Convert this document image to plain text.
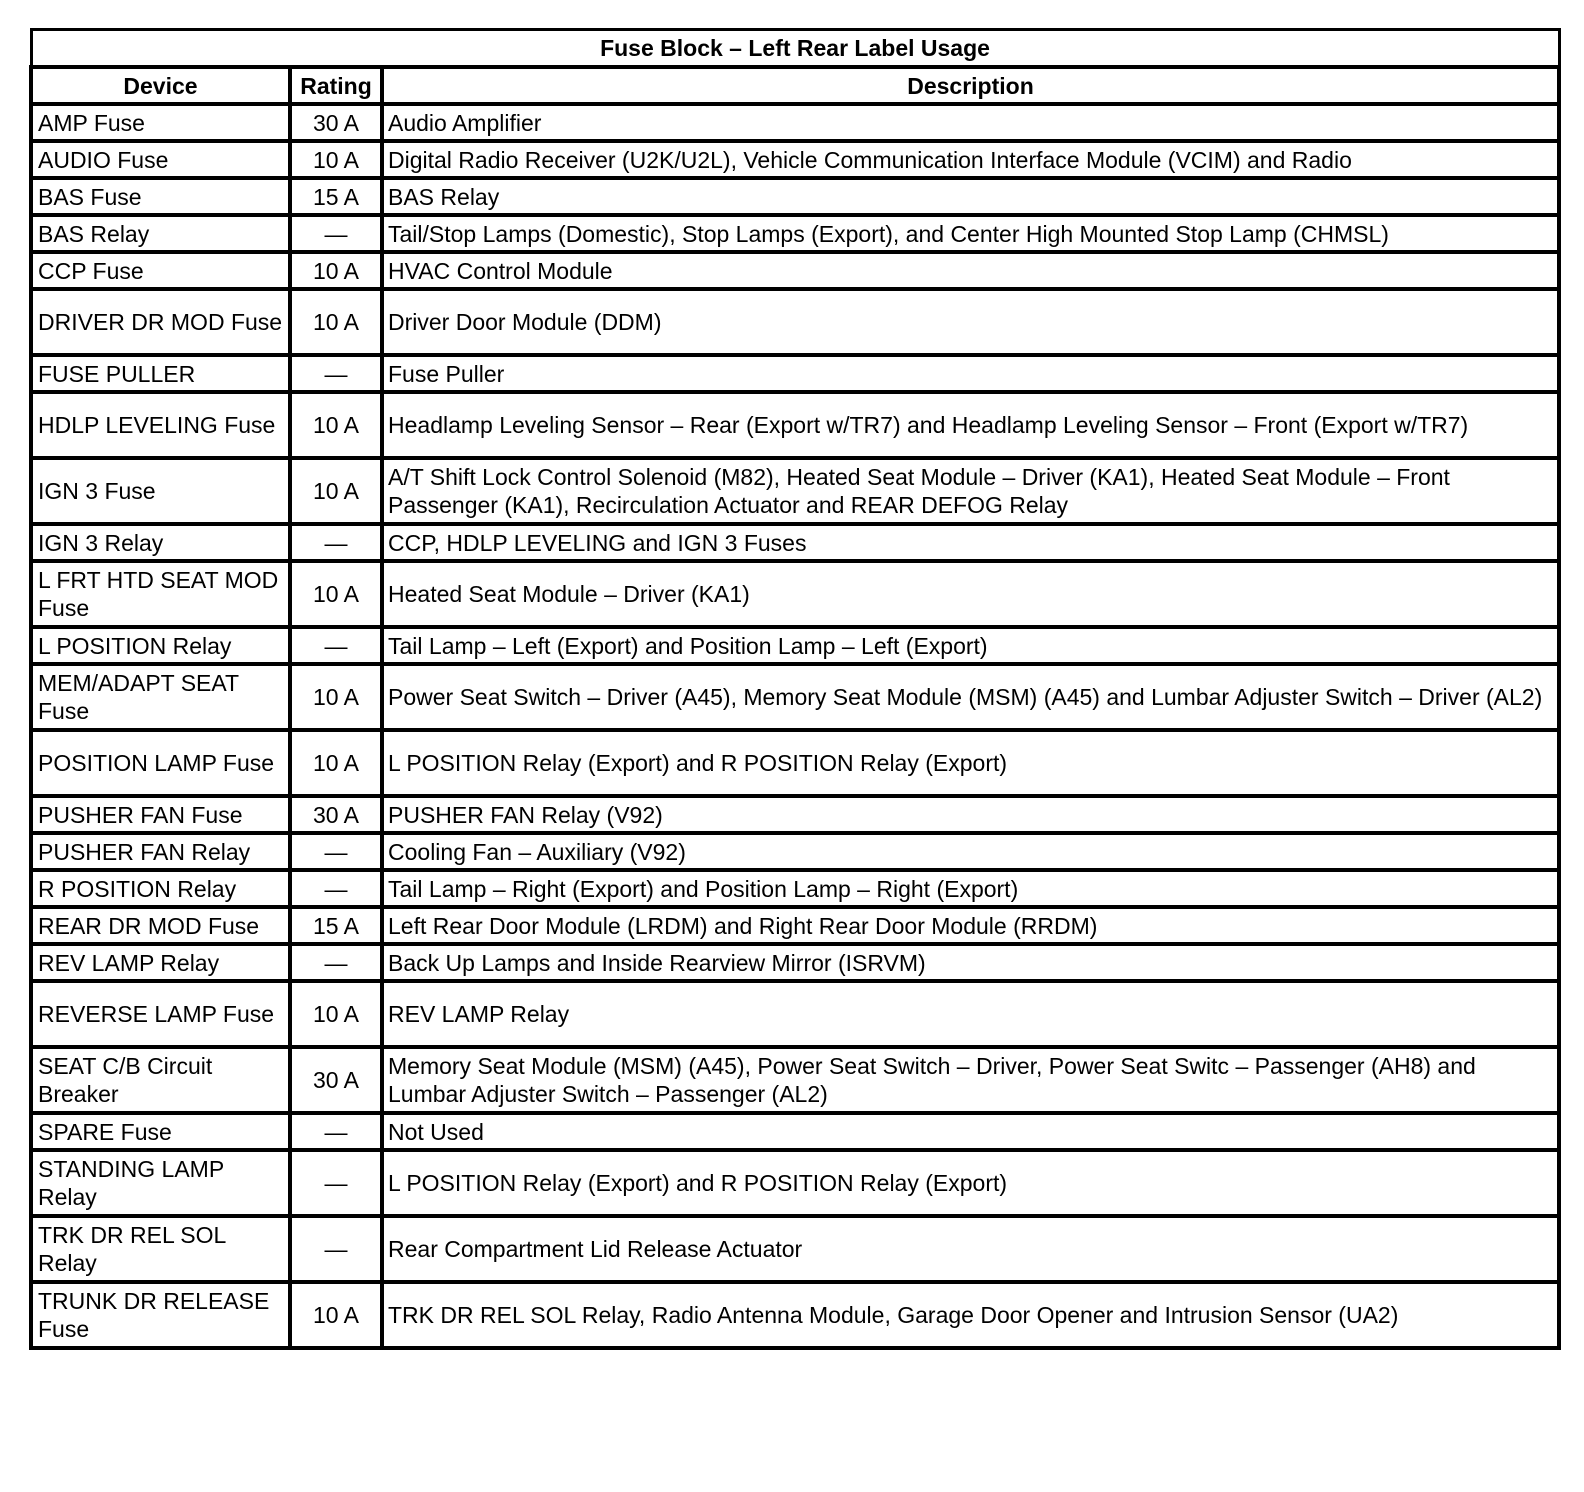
Fuse Block – Left Rear Label Usage		
Device	Rating	Description
AMP Fuse	30 A	Audio Amplifier
AUDIO Fuse	10 A	Digital Radio Receiver (U2K/U2L), Vehicle Communication Interface Module (VCIM) and Radio
BAS Fuse	15 A	BAS Relay
BAS Relay	—	Tail/Stop Lamps (Domestic), Stop Lamps (Export), and Center High Mounted Stop Lamp (CHMSL)
CCP Fuse	10 A	HVAC Control Module
DRIVER DR MOD Fuse	10 A	Driver Door Module (DDM)
FUSE PULLER	—	Fuse Puller
HDLP LEVELING Fuse	10 A	Headlamp Leveling Sensor – Rear (Export w/TR7) and Headlamp Leveling Sensor – Front (Export w/TR7)
IGN 3 Fuse	10 A	A/T Shift Lock Control Solenoid (M82), Heated Seat Module – Driver (KA1), Heated Seat Module – Front Passenger (KA1), Recirculation Actuator and REAR DEFOG Relay
IGN 3 Relay	—	CCP, HDLP LEVELING and IGN 3 Fuses
L FRT HTD SEAT MOD Fuse	10 A	Heated Seat Module – Driver (KA1)
L POSITION Relay	—	Tail Lamp – Left (Export) and Position Lamp – Left (Export)
MEM/ADAPT SEAT Fuse	10 A	Power Seat Switch – Driver (A45), Memory Seat Module (MSM) (A45) and Lumbar Adjuster Switch – Driver (AL2)
POSITION LAMP Fuse	10 A	L POSITION Relay (Export) and R POSITION Relay (Export)
PUSHER FAN Fuse	30 A	PUSHER FAN Relay (V92)
PUSHER FAN Relay	—	Cooling Fan – Auxiliary (V92)
R POSITION Relay	—	Tail Lamp – Right (Export) and Position Lamp – Right (Export)
REAR DR MOD Fuse	15 A	Left Rear Door Module (LRDM) and Right Rear Door Module (RRDM)
REV LAMP Relay	—	Back Up Lamps and Inside Rearview Mirror (ISRVM)
REVERSE LAMP Fuse	10 A	REV LAMP Relay
SEAT C/B Circuit Breaker	30 A	Memory Seat Module (MSM) (A45), Power Seat Switch – Driver, Power Seat Switc – Passenger (AH8) and Lumbar Adjuster Switch – Passenger (AL2)
SPARE Fuse	—	Not Used
STANDING LAMP Relay	—	L POSITION Relay (Export) and R POSITION Relay (Export)
TRK DR REL SOL Relay	—	Rear Compartment Lid Release Actuator
TRUNK DR RELEASE Fuse	10 A	TRK DR REL SOL Relay, Radio Antenna Module, Garage Door Opener and Intrusion Sensor (UA2)
